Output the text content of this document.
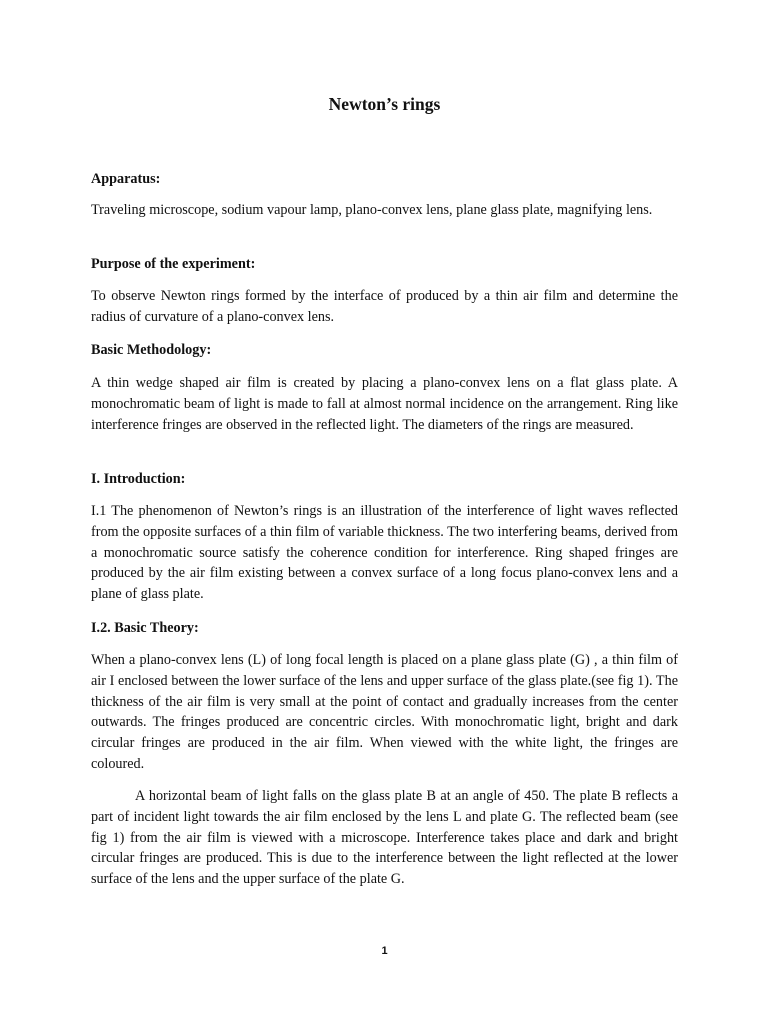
Newton’s rings
Apparatus:

Traveling microscope, sodium vapour lamp, plano-convex lens, plane glass plate, magnifying lens.

Purpose of the experiment:

To observe Newton rings formed by the interface of produced by a thin air film and determine the radius of curvature of a plano-convex lens.

Basic Methodology:

A thin wedge shaped air film is created by placing a plano-convex lens on a flat glass plate. A monochromatic beam of light is made to fall at almost normal incidence on the arrangement. Ring like interference fringes are observed in the reflected light. The diameters of the rings are measured.

I. Introduction:

I.1 The phenomenon of Newton’s rings is an illustration of the interference of light waves reflected from the opposite surfaces of a thin film of variable thickness. The two interfering beams, derived from a monochromatic source satisfy the coherence condition for interference. Ring shaped fringes are produced by the air film existing between a convex surface of a long focus plano-convex lens and a plane of glass plate.

I.2. Basic Theory:

When a plano-convex lens (L) of long focal length is placed on a plane glass plate (G) , a thin film of air I enclosed between the lower surface of the lens and upper surface of the glass plate.(see fig 1). The thickness of the air film is very small at the point of contact and gradually increases from the center outwards. The fringes produced are concentric circles. With monochromatic light, bright and dark circular fringes are produced in the air film. When viewed with the white light, the fringes are coloured.

A horizontal beam of light falls on the glass plate B at an angle of 450. The plate B reflects a part of incident light towards the air film enclosed by the lens L and plate G. The reflected beam (see fig 1) from the air film is viewed with a microscope. Interference takes place and dark and bright circular fringes are produced. This is due to the interference between the light reflected at the lower surface of the lens and the upper surface of the plate G.

1
